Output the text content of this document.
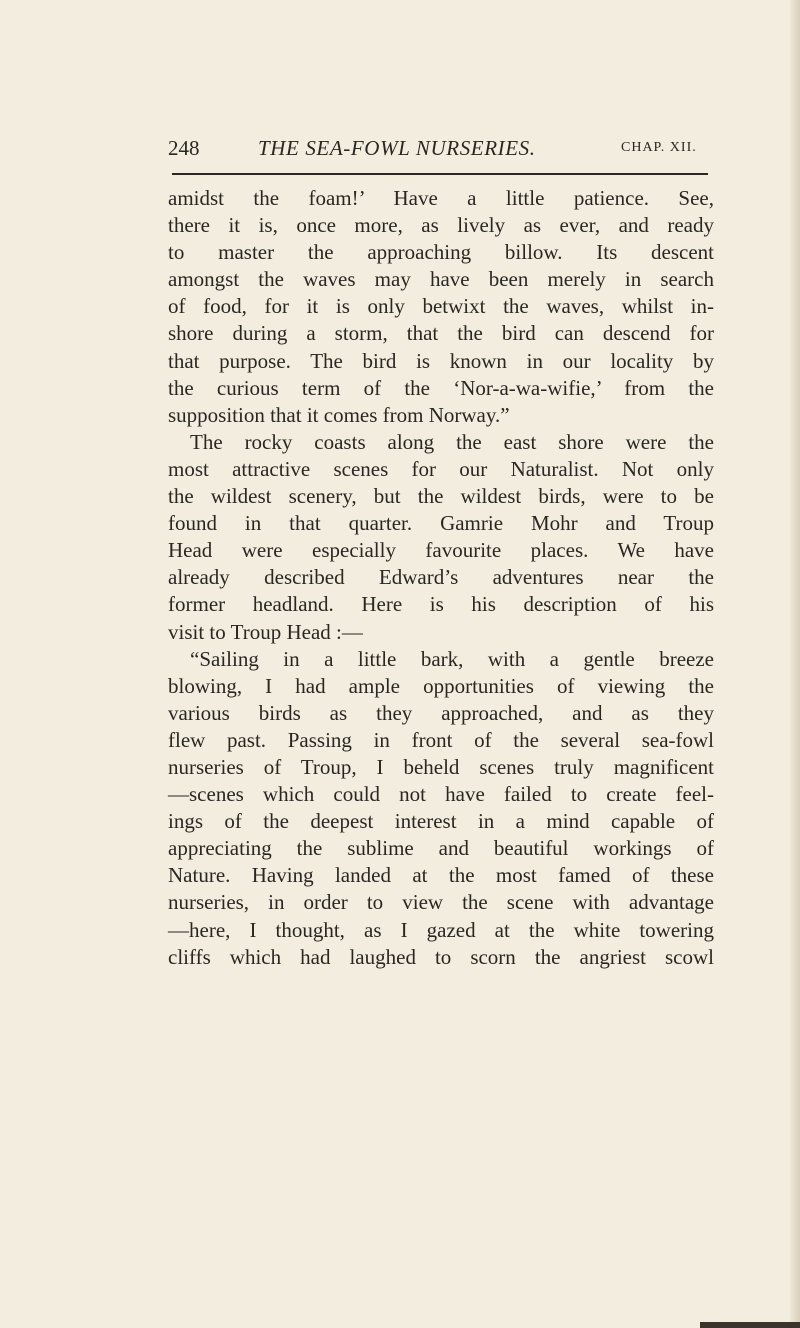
248	THE SEA-FOWL NURSERIES.	CHAP. XII.
amidst the foam!’ Have a little patience. See,
there it is, once more, as lively as ever, and ready
to master the approaching billow. Its descent
amongst the waves may have been merely in search
of food, for it is only betwixt the waves, whilst in-
shore during a storm, that the bird can descend for
that purpose. The bird is known in our locality by
the curious term of the ‘Nor-a-wa-wifie,’ from the
supposition that it comes from Norway.”
The rocky coasts along the east shore were the
most attractive scenes for our Naturalist. Not only
the wildest scenery, but the wildest birds, were to be
found in that quarter. Gamrie Mohr and Troup
Head were especially favourite places. We have
already described Edward’s adventures near the
former headland. Here is his description of his
visit to Troup Head :—
“Sailing in a little bark, with a gentle breeze
blowing, I had ample opportunities of viewing the
various birds as they approached, and as they
flew past. Passing in front of the several sea-fowl
nurseries of Troup, I beheld scenes truly magnificent
—scenes which could not have failed to create feel-
ings of the deepest interest in a mind capable of
appreciating the sublime and beautiful workings of
Nature. Having landed at the most famed of these
nurseries, in order to view the scene with advantage
—here, I thought, as I gazed at the white towering
cliffs which had laughed to scorn the angriest scowl
